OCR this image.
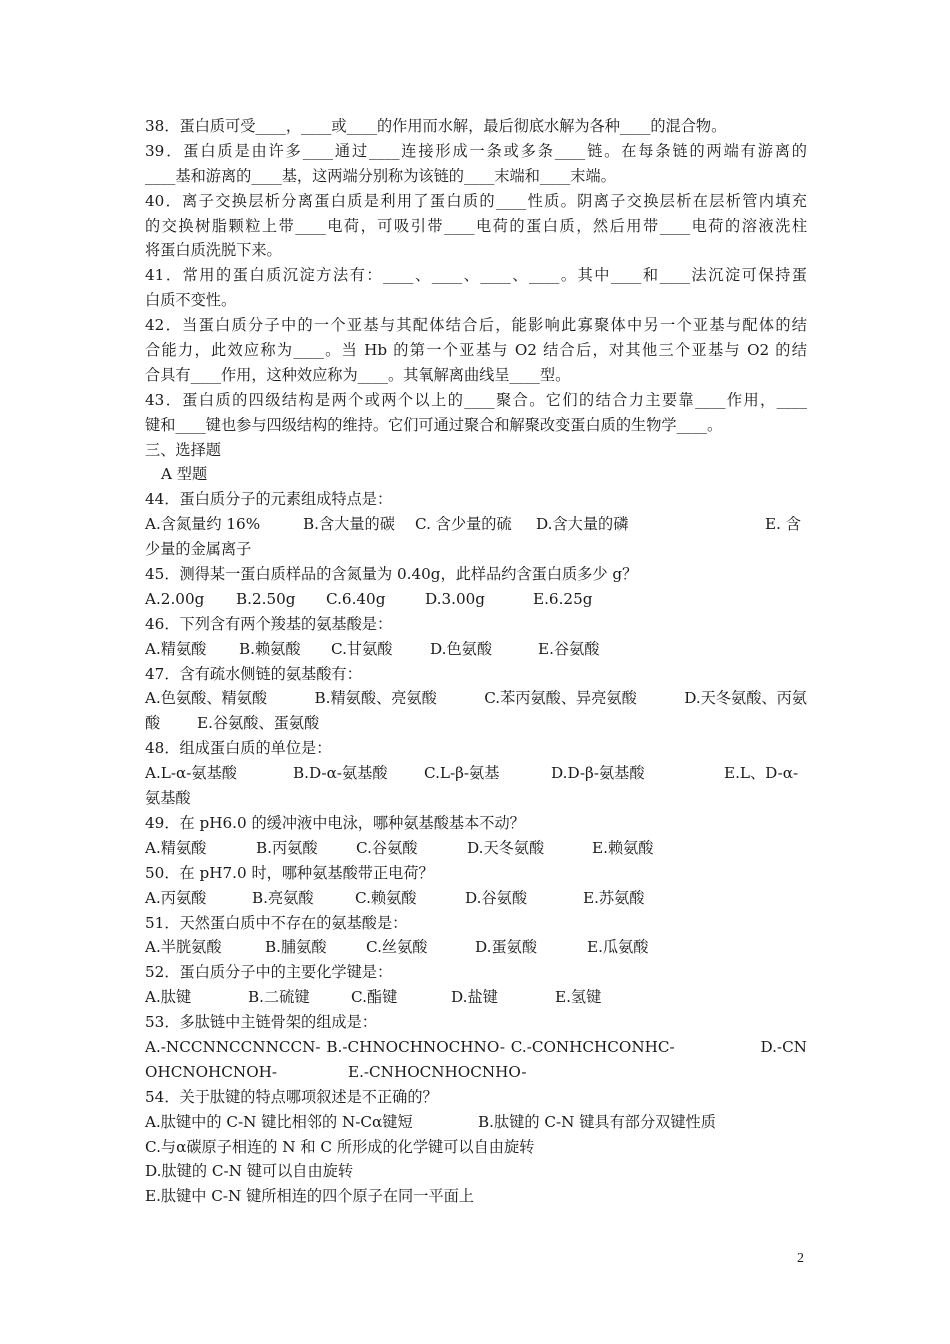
38．蛋白质可受____，____或____的作用而水解，最后彻底水解为各种____的混合物。
39．蛋白质是由许多____通过____连接形成一条或多条____链。在每条链的两端有游离的
____基和游离的____基，这两端分别称为该链的____末端和____末端。
40．离子交换层析分离蛋白质是利用了蛋白质的____性质。阴离子交换层析在层析管内填充
的交换树脂颗粒上带____电荷，可吸引带____电荷的蛋白质，然后用带____电荷的溶液洗柱
将蛋白质洗脱下来。
41．常用的蛋白质沉淀方法有：____、____、____、____。其中____和____法沉淀可保持蛋
白质不变性。
42．当蛋白质分子中的一个亚基与其配体结合后，能影响此寡聚体中另一个亚基与配体的结
合能力，此效应称为____。当 Hb 的第一个亚基与 O2 结合后，对其他三个亚基与 O2 的结
合具有____作用，这种效应称为____。其氧解离曲线呈____型。
43．蛋白质的四级结构是两个或两个以上的____聚合。它们的结合力主要靠____作用，____
键和____键也参与四级结构的维持。它们可通过聚合和解聚改变蛋白质的生物学____。
三、选择题
A 型题
44．蛋白质分子的元素组成特点是：
A.含氮量约 16%	B.含大量的碳	C. 含少量的硫	D.含大量的磷	E. 含
少量的金属离子
45．测得某一蛋白质样品的含氮量为 0.40g，此样品约含蛋白质多少 g？
A.2.00g	B.2.50g	C.6.40g	D.3.00g	E.6.25g
46．下列含有两个羧基的氨基酸是：
A.精氨酸	B.赖氨酸	C.甘氨酸	D.色氨酸	E.谷氨酸
47．含有疏水侧链的氨基酸有：
A.色氨酸、精氨酸	B.精氨酸、亮氨酸	C.苯丙氨酸、异亮氨酸	D.天冬氨酸、丙氨
酸	E.谷氨酸、蛋氨酸
48．组成蛋白质的单位是：
A.L-α-氨基酸	B.D-α-氨基酸	C.L-β-氨基	D.D-β-氨基酸	E.L、D-α-
氨基酸
49．在 pH6.0 的缓冲液中电泳，哪种氨基酸基本不动？
A.精氨酸	B.丙氨酸	C.谷氨酸	D.天冬氨酸	E.赖氨酸
50．在 pH7.0 时，哪种氨基酸带正电荷？
A.丙氨酸	B.亮氨酸	C.赖氨酸	D.谷氨酸	E.苏氨酸
51．天然蛋白质中不存在的氨基酸是：
A.半胱氨酸	B.脯氨酸	C.丝氨酸	D.蛋氨酸	E.瓜氨酸
52．蛋白质分子中的主要化学键是：
A.肽键	B.二硫键	C.酯键	D.盐键	E.氢键
53．多肽链中主链骨架的组成是：
A.-NCCNNCCNNCCN- B.-CHNOCHNOCHNO- C.-CONHCHCONHC-	D.-CN
OHCNOHCNOH-	E.-CNHOCNHOCNHO-
54．关于肽键的特点哪项叙述是不正确的？
A.肽键中的 C-N 键比相邻的 N-Cα键短	B.肽键的 C-N 键具有部分双键性质
C.与α碳原子相连的 N 和 C 所形成的化学键可以自由旋转
D.肽键的 C-N 键可以自由旋转
E.肽键中 C-N 键所相连的四个原子在同一平面上
2
